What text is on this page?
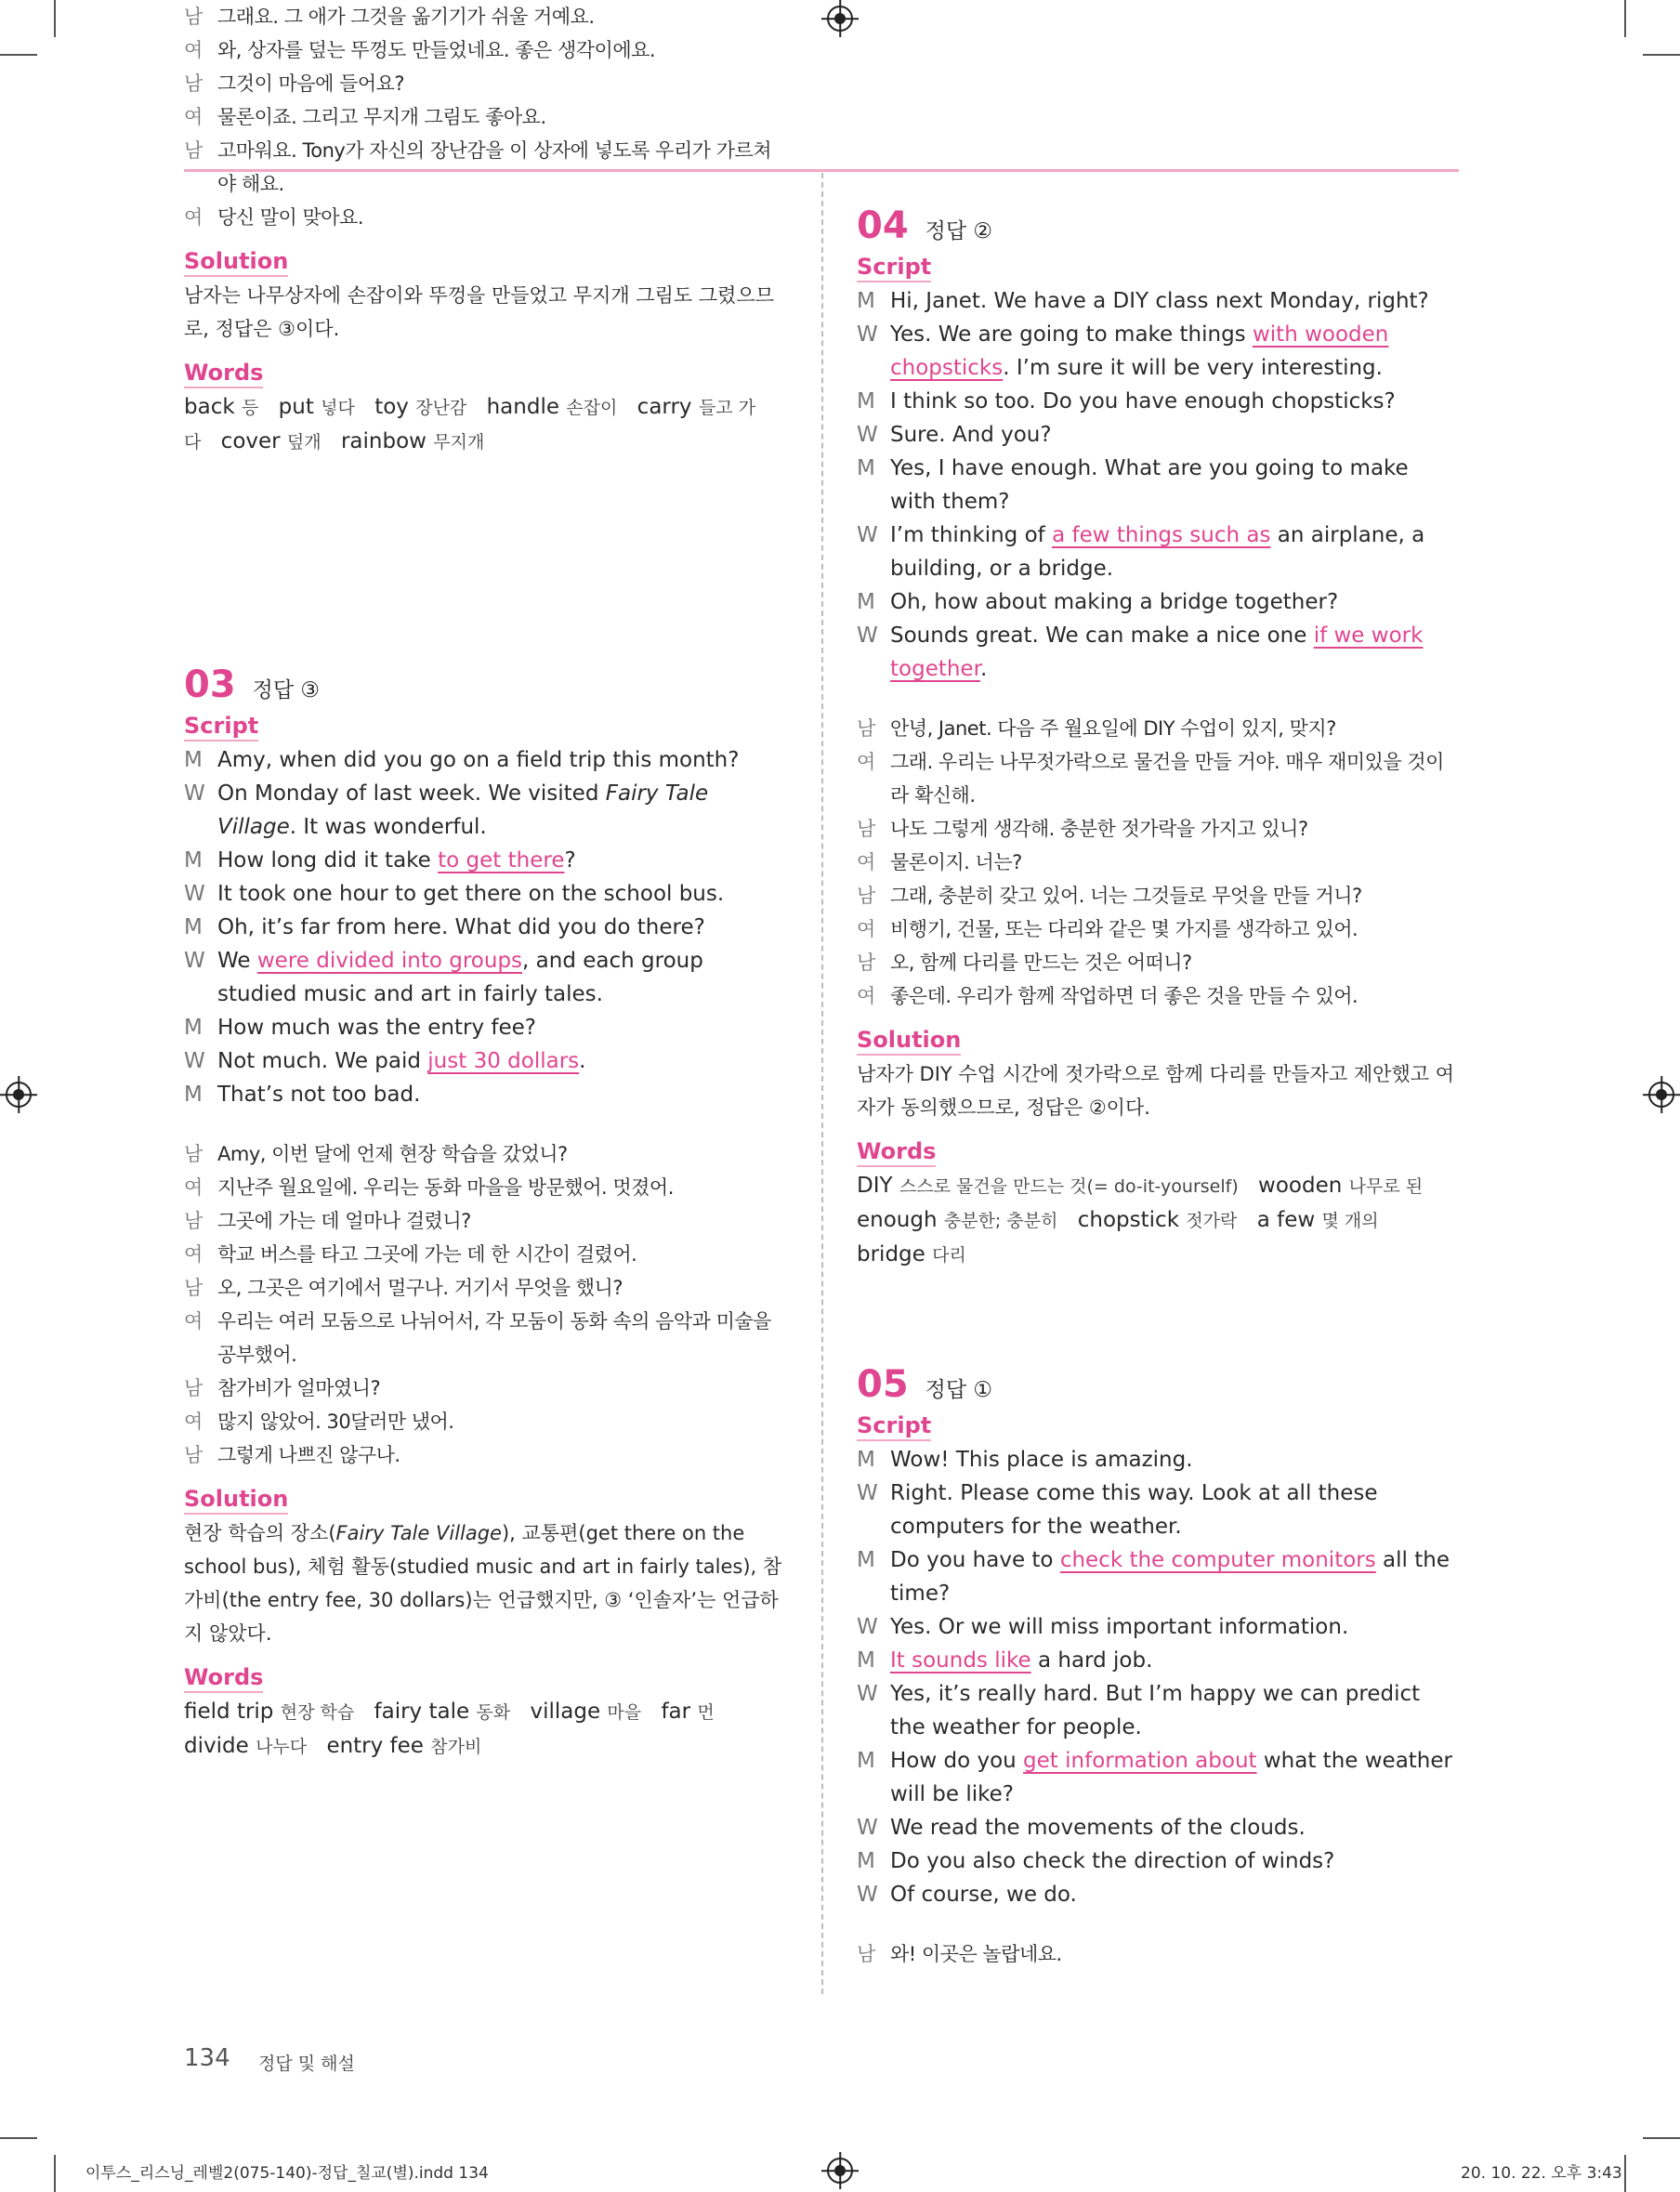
남 그래요. 그 애가 그것을 옮기기가 쉬울 거예요.
여 와, 상자를 덮는 뚜껑도 만들었네요. 좋은 생각이에요.
남 그것이 마음에 들어요?
여 물론이죠. 그리고 무지개 그림도 좋아요.
남 고마워요. Tony가 자신의 장난감을 이 상자에 넣도록 우리가 가르쳐 야 해요.
여 당신 말이 맞아요.
Solution
남자는 나무상자에 손잡이와 뚜껑을 만들었고 무지개 그림도 그렸으므로, 정답은 ③이다.
Words
back 등 put 넣다 toy 장난감 handle 손잡이 carry 들고 가다 cover 덮개 rainbow 무지개
03 정답 ③
Script
M Amy, when did you go on a field trip this month?
W On Monday of last week. We visited Fairy Tale Village. It was wonderful.
M How long did it take to get there?
W It took one hour to get there on the school bus.
M Oh, it’s far from here. What did you do there?
W We were divided into groups, and each group studied music and art in fairly tales.
M How much was the entry fee?
W Not much. We paid just 30 dollars.
M That’s not too bad.
남 Amy, 이번 달에 언제 현장 학습을 갔었니?
여 지난주 월요일에. 우리는 동화 마을을 방문했어. 멋졌어.
남 그곳에 가는 데 얼마나 걸렸니?
여 학교 버스를 타고 그곳에 가는 데 한 시간이 걸렸어.
남 오, 그곳은 여기에서 멀구나. 거기서 무엇을 했니?
여 우리는 여러 모둠으로 나뉘어서, 각 모둠이 동화 속의 음악과 미술을 공부했어.
남 참가비가 얼마였니?
여 많지 않았어. 30달러만 냈어.
남 그렇게 나쁘진 않구나.
Solution
현장 학습의 장소(Fairy Tale Village), 교통편(get there on the school bus), 체험 활동(studied music and art in fairly tales), 참가비(the entry fee, 30 dollars)는 언급했지만, ③ ‘인솔자’는 언급하지 않았다.
Words
field trip 현장 학습 fairy tale 동화 village 마을 far 먼 divide 나누다 entry fee 참가비
04 정답 ②
Script
M Hi, Janet. We have a DIY class next Monday, right?
W Yes. We are going to make things with wooden chopsticks. I’m sure it will be very interesting.
M I think so too. Do you have enough chopsticks?
W Sure. And you?
M Yes, I have enough. What are you going to make with them?
W I’m thinking of a few things such as an airplane, a building, or a bridge.
M Oh, how about making a bridge together?
W Sounds great. We can make a nice one if we work together.
남 안녕, Janet. 다음 주 월요일에 DIY 수업이 있지, 맞지?
여 그래. 우리는 나무젓가락으로 물건을 만들 거야. 매우 재미있을 것이라 확신해.
남 나도 그렇게 생각해. 충분한 젓가락을 가지고 있니?
여 물론이지. 너는?
남 그래, 충분히 갖고 있어. 너는 그것들로 무엇을 만들 거니?
여 비행기, 건물, 또는 다리와 같은 몇 가지를 생각하고 있어.
남 오, 함께 다리를 만드는 것은 어떠니?
여 좋은데. 우리가 함께 작업하면 더 좋은 것을 만들 수 있어.
Solution
남자가 DIY 수업 시간에 젓가락으로 함께 다리를 만들자고 제안했고 여자가 동의했으므로, 정답은 ②이다.
Words
DIY 스스로 물건을 만드는 것(= do-it-yourself) wooden 나무로 된 enough 충분한; 충분히 chopstick 젓가락 a few 몇 개의 bridge 다리
05 정답 ①
Script
M Wow! This place is amazing.
W Right. Please come this way. Look at all these computers for the weather.
M Do you have to check the computer monitors all the time?
W Yes. Or we will miss important information.
M It sounds like a hard job.
W Yes, it’s really hard. But I’m happy we can predict the weather for people.
M How do you get information about what the weather will be like?
W We read the movements of the clouds.
M Do you also check the direction of winds?
W Of course, we do.
남 와! 이곳은 놀랍네요.
134 정답 및 해설
이투스_리스닝_레벨2(075-140)-정답_칠교(별).indd 134	20. 10. 22. 오후 3:43
